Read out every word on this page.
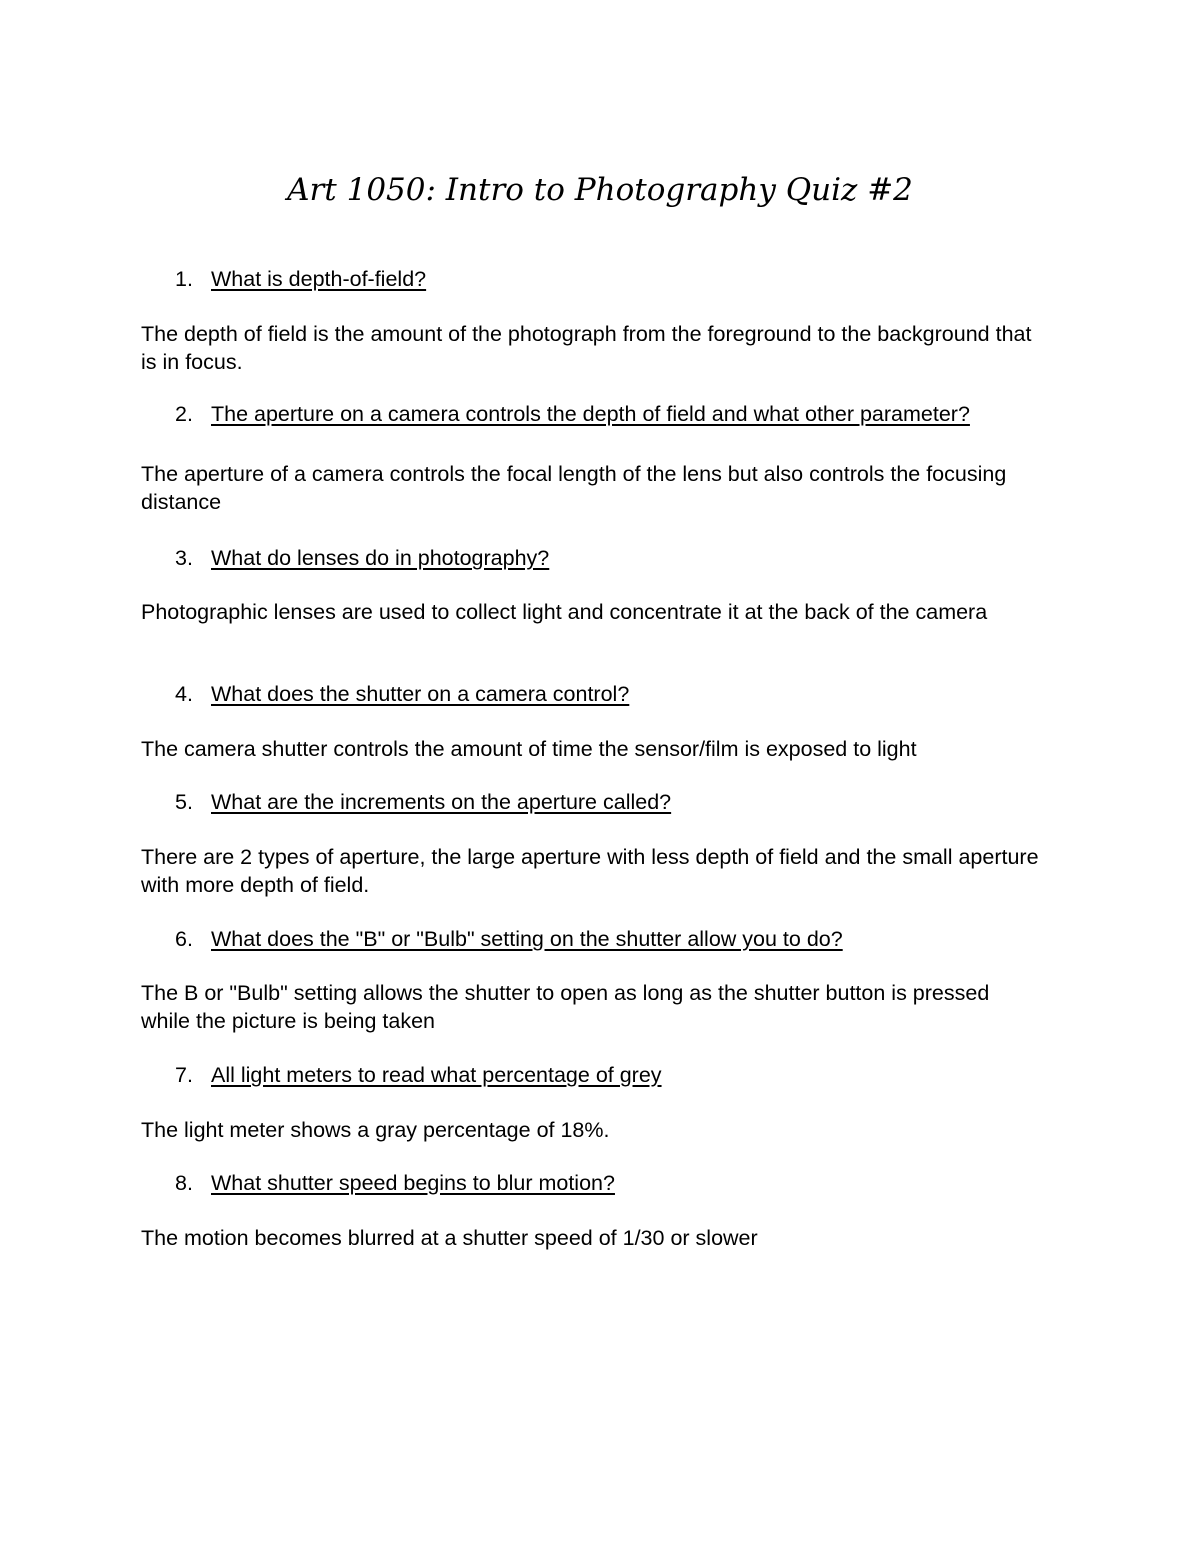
Art 1050: Intro to Photography Quiz #2
1. What is depth-of-field?
The depth of field is the amount of the photograph from the foreground to the background that is in focus.
2. The aperture on a camera controls the depth of field and what other parameter?
The aperture of a camera controls the focal length of the lens but also controls the focusing distance
3. What do lenses do in photography?
Photographic lenses are used to collect light and concentrate it at the back of the camera
4. What does the shutter on a camera control?
The camera shutter controls the amount of time the sensor/film is exposed to light
5. What are the increments on the aperture called?
There are 2 types of aperture, the large aperture with less depth of field and the small aperture with more depth of field.
6. What does the "B" or "Bulb" setting on the shutter allow you to do?
The B or "Bulb" setting allows the shutter to open as long as the shutter button is pressed while the picture is being taken
7. All light meters to read what percentage of grey
The light meter shows a gray percentage of 18%.
8. What shutter speed begins to blur motion?
The motion becomes blurred at a shutter speed of 1/30 or slower
